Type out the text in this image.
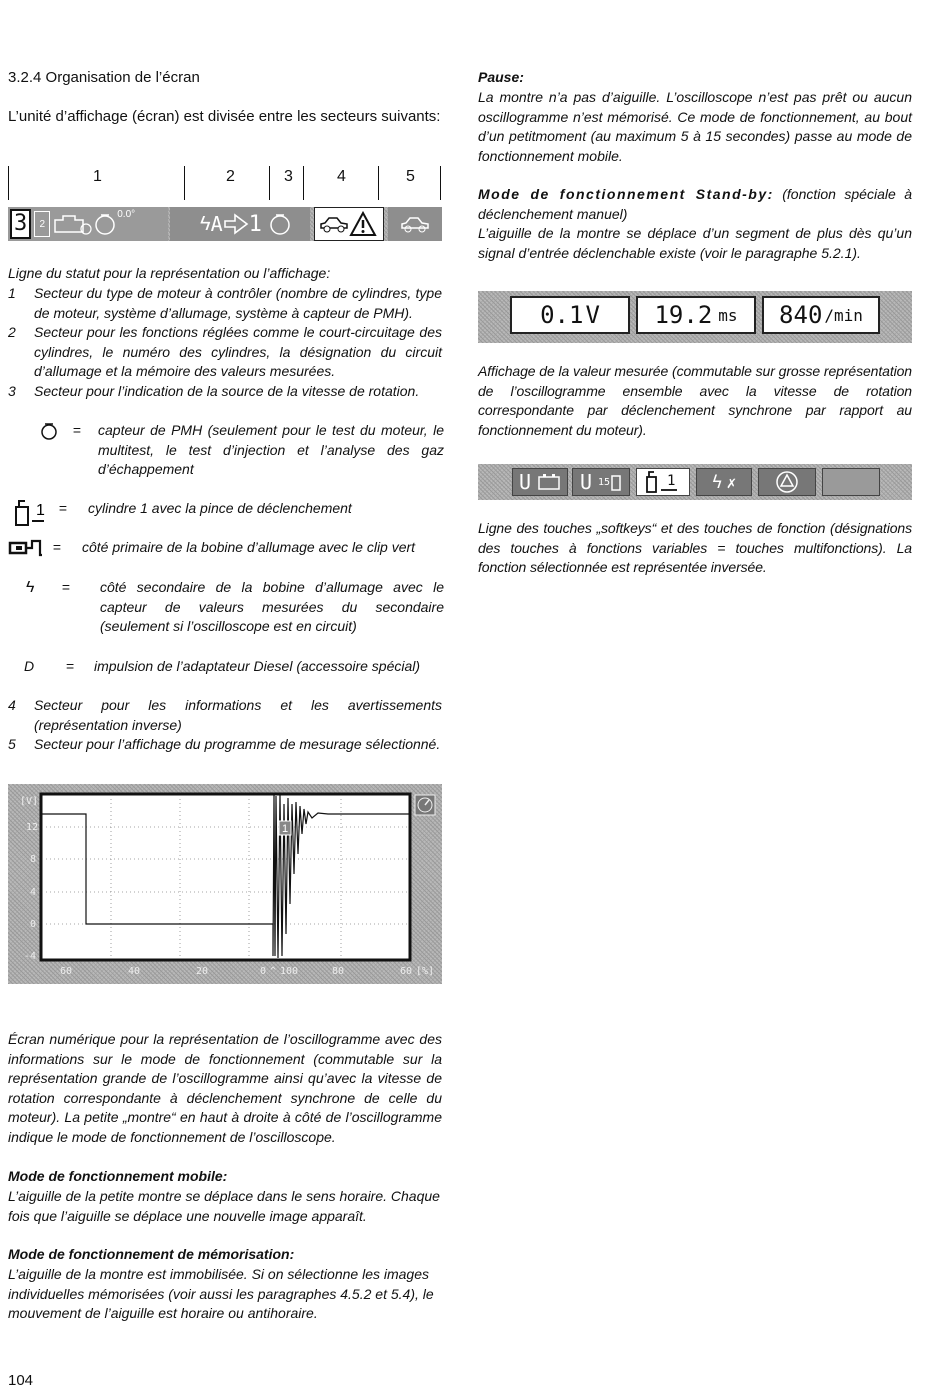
3.2.4 Organisation de l’écran
L’unité d’affichage (écran) est divisée entre les secteurs suivants:
1	2	3	4	5
3	2
0.0°	ϟ A 1
Ligne du statut pour la représentation ou l’affichage:
1	Secteur du type de moteur à contrôler (nombre de cylindres, type de moteur, système d’allumage, système à capteur de PMH).
2	Secteur pour les fonctions réglées comme le court-circuitage des cylindres, le numéro des cylindres, la désignation du circuit d’allumage et la mémoire des valeurs mesurées.
3	Secteur pour l’indication de la source de la vitesse de rotation.
=	capteur de PMH (seulement pour le test du moteur, le multitest, le test d’injection et l’analyse des gaz d’échappement
1	=	cylindre 1 avec la pince de déclenchement
=	côté primaire de la bobine d’allumage avec le clip vert
ϟ =	côté secondaire de la bobine d’allumage avec le capteur de valeurs mesurées du secondaire (seulement si l’oscilloscope est en circuit)
D =	impulsion de l’adaptateur Diesel (accessoire spécial)
4	Secteur pour les informations et les avertissements (représentation inverse)
5	Secteur pour l’affichage du programme de mesurage sélectionné.
1
[V]
12
8
4
0
-4
60	40	20	0 ^ 100	80	60 [%]
Écran numérique pour la représentation de l’oscillogramme avec des informations sur le mode de fonctionnement (commutable sur la représentation grande de l’oscillogramme ainsi qu’avec la vitesse de rotation correspondante à déclenchement synchrone de celle du moteur). La petite „montre“ en haut à droite à côté de l’oscillogramme indique le mode de fonctionnement de l’oscilloscope.
Mode de fonctionnement mobile:
L’aiguille de la petite montre se déplace dans le sens horaire. Chaque fois que l’aiguille se déplace une nouvelle image apparaît.
Mode de fonctionnement de mémorisation:
L’aiguille de la montre est immobilisée. Si on sélectionne les images individuelles mémorisées (voir aussi les paragraphes 4.5.2 et 5.4), le mouvement de l’aiguille est horaire ou antihoraire.
104
Pause:
La montre n’a pas d’aiguille. L’oscilloscope n’est pas prêt ou aucun oscillogramme n’est mémorisé. Ce mode de fonctionnement, au bout d’un petitmoment (au maximum 5 à 15 secondes) passe au mode de fonctionnement mobile.
Mode de fonctionnement Stand-by: (fonction spéciale à déclenchement manuel)
L’aiguille de la montre se déplace d’un segment de plus dès qu’un signal d’entrée déclenchable existe (voir le paragraphe 5.2.1).
0.1 V 19.2 ms 840 /min
Affichage de la valeur mesurée (commutable sur grosse représentation de l’oscillogramme ensemble avec la vitesse de rotation correspondante par déclenchement synchrone par rapport au fonctionnement du moteur).
U U 15	1 ϟ ✗
Ligne des touches „softkeys“ et des touches de fonction (désignations des touches à fonctions variables = touches multifonctions). La fonction sélectionnée est représentée inversée.
